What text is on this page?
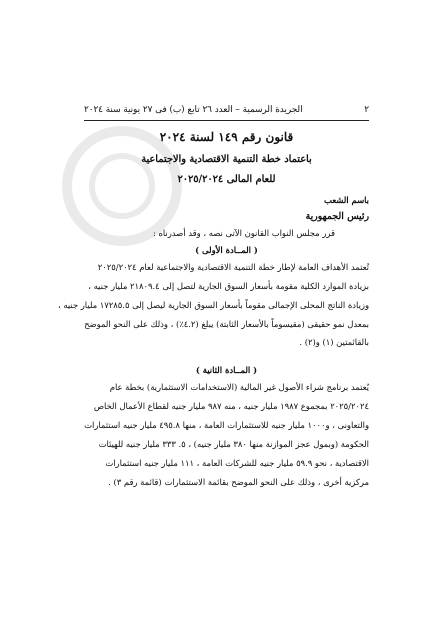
٢
الجريدة الرسمية – العدد ٢٦ تابع (ب) فى ٢٧ يونية سنة ٢٠٢٤
قانون رقم ١٤٩ لسنة ٢٠٢٤
باعتماد خطة التنمية الاقتصادية والاجتماعية
للعام المالى ٢٠٢٥/٢٠٢٤
باسم الشعب
رئيس الجمهورية
قرر مجلس النواب القانون الآتى نصه ، وقد أصدرناه :
( المــادة الأولى )
تُعتمد الأهداف العامة لإطار خطة التنمية الاقتصادية والاجتماعية لعام ٢٠٢٥/٢٠٢٤
بزيادة الموارد الكلية مقومة بأسعار السوق الجارية لتصل إلى ٢١٨٠٩.٤ مليار جنيه ،
وزيادة الناتج المحلى الإجمالى مقوماً بأسعار السوق الجارية ليصل إلى ١٧٢٨٥.٥ مليار جنيه ،
بمعدل نمو حقيقى (مقيسوماً بالأسعار الثابتة) يبلغ (٤.٢٪) ، وذلك على النحو الموضح
بالقائمتين (١) و(٢) .
( المــادة الثانية )
يُعتمد برنامج شراء الأصول غير المالية (الاستخدامات الاستثمارية) بخطة عام
٢٠٢٥/٢٠٢٤ بمجموع ١٩٨٧ مليار جنيه ، منه ٩٨٧ مليار جنيه لقطاع الأعمال الخاص
والتعاونى ، و١٠٠٠ مليار جنيه للاستثمارات العامة ، منها ٤٩٥.٨ مليار جنيه استثمارات
الحكومة (وبمول عجز الموازنة منها ٣٨٠ مليار جنيه) ، ٥. ٣٣٣ مليار جنيه للهيئات
الاقتصادية ، نحو ٥٩.٩ مليار جنيه للشركات العامة ، ١١١ مليار جنيه استثمارات
مركزية أخرى ، وذلك على النحو الموضح بقائمة الاستثمارات (قائمة رقم ٣) .
